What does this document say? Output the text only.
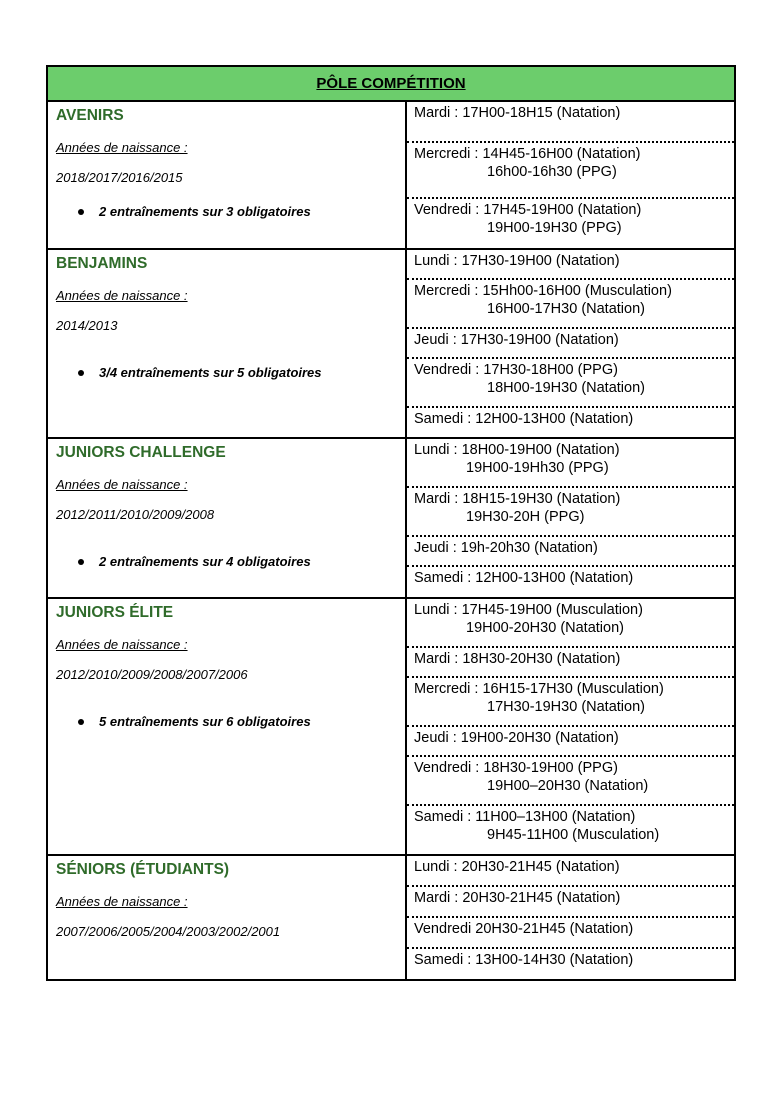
PÔLE COMPÉTITION
AVENIRS
Années de naissance :
2018/2017/2016/2015
2 entraînements sur 3 obligatoires
Mardi : 17H00-18H15 (Natation)
Mercredi : 14H45-16H00 (Natation)
16h00-16h30 (PPG)
Vendredi : 17H45-19H00 (Natation)
19H00-19H30 (PPG)
BENJAMINS
Années de naissance :
2014/2013
3/4 entraînements sur 5 obligatoires
Lundi : 17H30-19H00 (Natation)
Mercredi : 15Hh00-16H00 (Musculation)
16H00-17H30 (Natation)
Jeudi : 17H30-19H00 (Natation)
Vendredi : 17H30-18H00 (PPG)
18H00-19H30 (Natation)
Samedi : 12H00-13H00 (Natation)
JUNIORS CHALLENGE
Années de naissance :
2012/2011/2010/2009/2008
2 entraînements sur 4 obligatoires
Lundi : 18H00-19H00 (Natation)
19H00-19Hh30 (PPG)
Mardi : 18H15-19H30 (Natation)
19H30-20H (PPG)
Jeudi : 19h-20h30 (Natation)
Samedi : 12H00-13H00 (Natation)
JUNIORS ÉLITE
Années de naissance :
2012/2010/2009/2008/2007/2006
5 entraînements sur 6 obligatoires
Lundi : 17H45-19H00 (Musculation)
19H00-20H30 (Natation)
Mardi : 18H30-20H30 (Natation)
Mercredi : 16H15-17H30 (Musculation)
17H30-19H30 (Natation)
Jeudi : 19H00-20H30 (Natation)
Vendredi : 18H30-19H00 (PPG)
19H00–20H30 (Natation)
Samedi : 11H00–13H00 (Natation)
9H45-11H00 (Musculation)
SÉNIORS (ÉTUDIANTS)
Années de naissance :
2007/2006/2005/2004/2003/2002/2001
Lundi : 20H30-21H45 (Natation)
Mardi : 20H30-21H45 (Natation)
Vendredi 20H30-21H45 (Natation)
Samedi : 13H00-14H30 (Natation)
